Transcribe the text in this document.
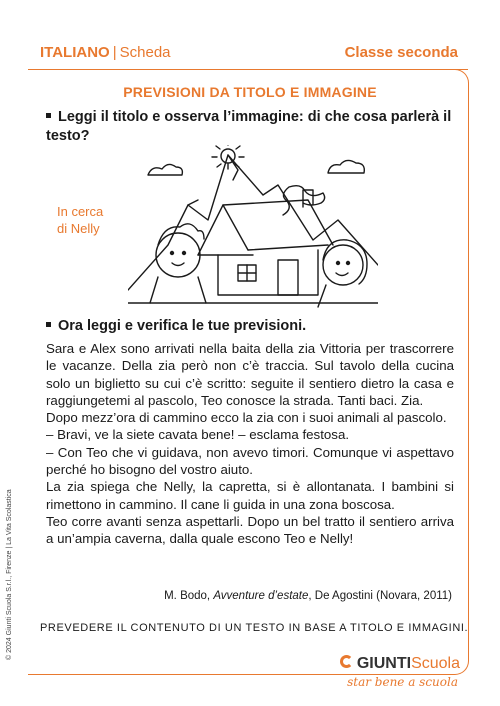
ITALIANO | Scheda	Classe seconda
PREVISIONI DA TITOLO E IMMAGINE
Leggi il titolo e osserva l’immagine: di che cosa parlerà il testo?
In cerca
di Nelly
Ora leggi e verifica le tue previsioni.

Sara e Alex sono arrivati nella baita della zia Vittoria per trascorrere le vacanze. Della zia però non c’è traccia. Sul tavolo della cucina solo un biglietto su cui c’è scritto: seguite il sentiero dietro la casa e raggiungetemi al pascolo, Teo conosce la strada. Tanti baci. Zia.

Dopo mezz’ora di cammino ecco la zia con i suoi animali al pascolo.

– Bravi, ve la siete cavata bene! – esclama festosa.

– Con Teo che vi guidava, non avevo timori. Comunque vi aspettavo perché ho bisogno del vostro aiuto.

La zia spiega che Nelly, la capretta, si è allontanata. I bambini si rimettono in cammino. Il cane li guida in una zona boscosa.

Teo corre avanti senza aspettarli. Dopo un bel tratto il sentiero arriva a un’ampia caverna, dalla quale escono Teo e Nelly!

M. Bodo, Avventure d’estate, De Agostini (Novara, 2011)
PREVEDERE IL CONTENUTO DI UN TESTO IN BASE A TITOLO E IMMAGINI.
© 2024 Giunti Scuola S.r.l., Firenze | La Vita Scolastica
GIUNTIScuola
star bene a scuola
